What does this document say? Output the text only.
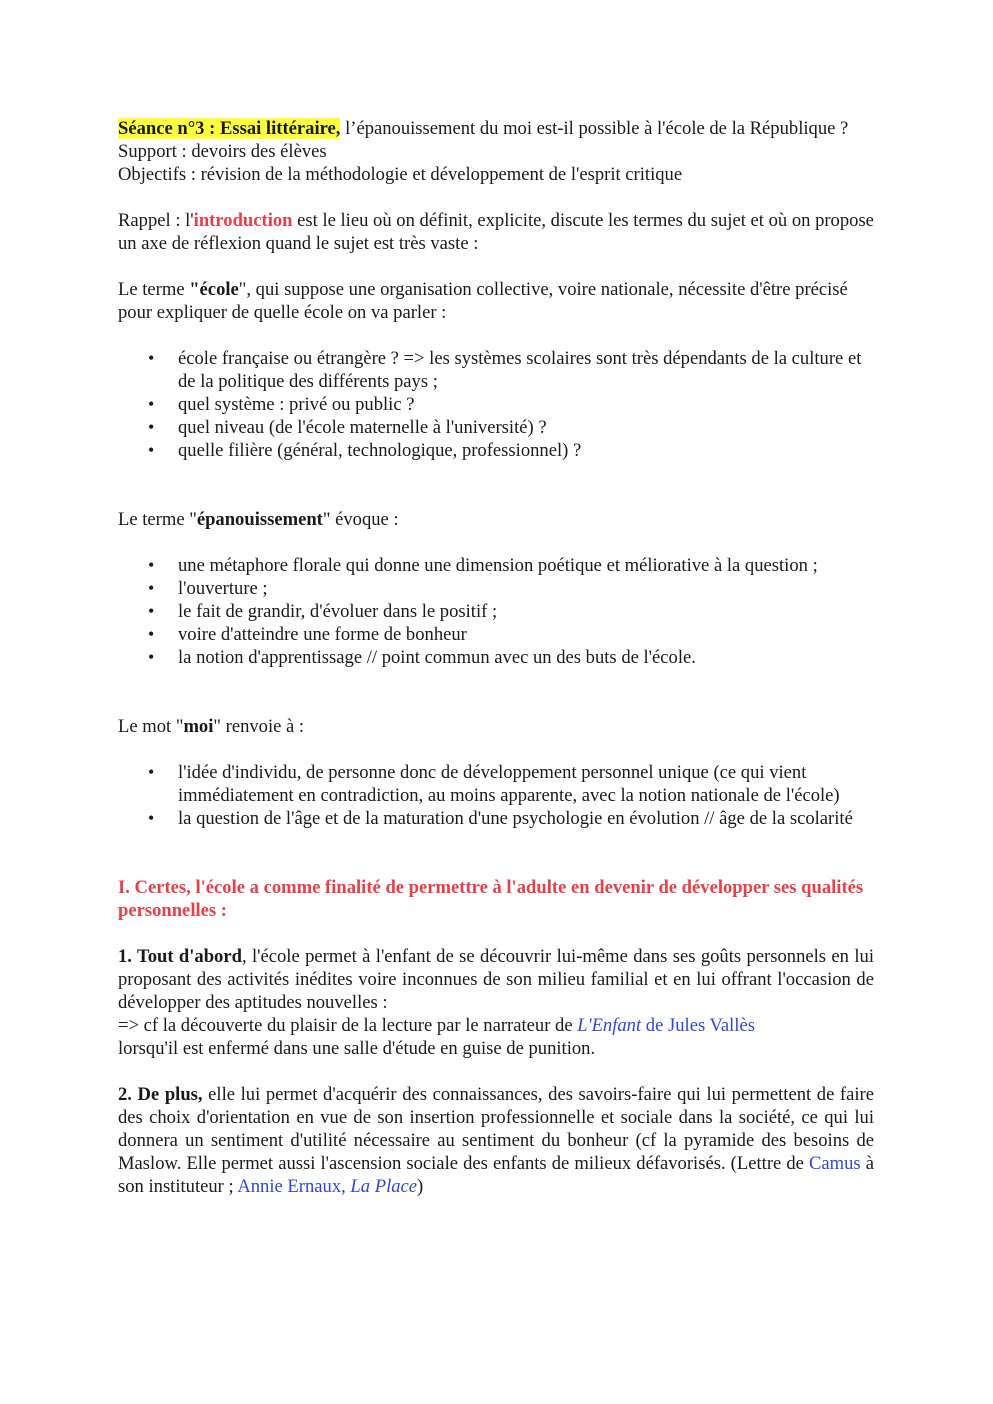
Séance n°3 : Essai littéraire, l’épanouissement du moi est-il possible à l'école de la République ?

Support : devoirs des élèves

Objectifs : révision de la méthodologie et développement de l'esprit critique

Rappel : l'introduction est le lieu où on définit, explicite, discute les termes du sujet et où on propose un axe de réflexion quand le sujet est très vaste :

Le terme "école", qui suppose une organisation collective, voire nationale, nécessite d'être précisé pour expliquer de quelle école on va parler :

• école française ou étrangère ? => les systèmes scolaires sont très dépendants de la culture et de la politique des différents pays ;
• quel système : privé ou public ?
• quel niveau (de l'école maternelle à l'université) ?
• quelle filière (général, technologique, professionnel) ?

Le terme "épanouissement" évoque :

• une métaphore florale qui donne une dimension poétique et méliorative à la question ;
• l'ouverture ;
• le fait de grandir, d'évoluer dans le positif ;
• voire d'atteindre une forme de bonheur
• la notion d'apprentissage // point commun avec un des buts de l'école.

Le mot "moi" renvoie à :

• l'idée d'individu, de personne donc de développement personnel unique (ce qui vient immédiatement en contradiction, au moins apparente, avec la notion nationale de l'école)
• la question de l'âge et de la maturation d'une psychologie en évolution // âge de la scolarité

I. Certes, l'école a comme finalité de permettre à l'adulte en devenir de développer ses qualités personnelles :

1. Tout d'abord, l'école permet à l'enfant de se découvrir lui-même dans ses goûts personnels en lui proposant des activités inédites voire inconnues de son milieu familial et en lui offrant l'occasion de développer des aptitudes nouvelles :

=> cf la découverte du plaisir de la lecture par le narrateur de L'Enfant de Jules Vallès
lorsqu'il est enfermé dans une salle d'étude en guise de punition.

2. De plus, elle lui permet d'acquérir des connaissances, des savoirs-faire qui lui permettent de faire des choix d'orientation en vue de son insertion professionnelle et sociale dans la société, ce qui lui donnera un sentiment d'utilité nécessaire au sentiment du bonheur (cf la pyramide des besoins de Maslow. Elle permet aussi l'ascension sociale des enfants de milieux défavorisés. (Lettre de Camus à son instituteur ; Annie Ernaux, La Place)
